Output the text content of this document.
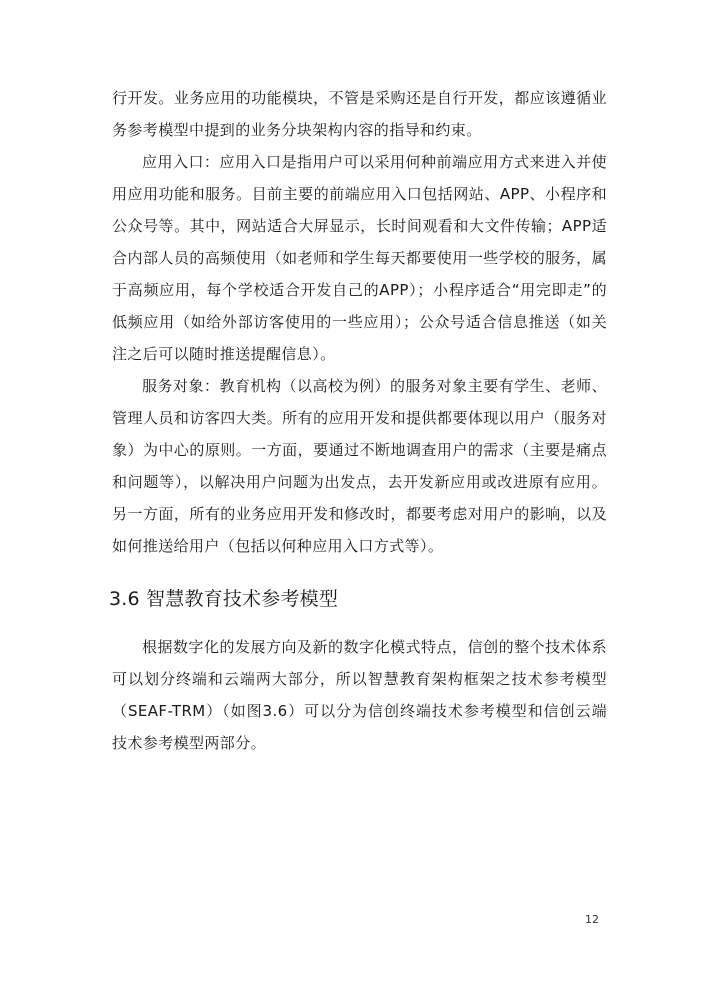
行开发。业务应用的功能模块，不管是采购还是自行开发，都应该遵循业务参考模型中提到的业务分块架构内容的指导和约束。

应用入口：应用入口是指用户可以采用何种前端应用方式来进入并使用应用功能和服务。目前主要的前端应用入口包括网站、APP、小程序和公众号等。其中，网站适合大屏显示，长时间观看和大文件传输；APP适合内部人员的高频使用（如老师和学生每天都要使用一些学校的服务，属于高频应用，每个学校适合开发自己的APP）；小程序适合“用完即走”的低频应用（如给外部访客使用的一些应用）；公众号适合信息推送（如关注之后可以随时推送提醒信息）。

服务对象：教育机构（以高校为例）的服务对象主要有学生、老师、管理人员和访客四大类。所有的应用开发和提供都要体现以用户（服务对象）为中心的原则。一方面，要通过不断地调查用户的需求（主要是痛点和问题等），以解决用户问题为出发点，去开发新应用或改进原有应用。另一方面，所有的业务应用开发和修改时，都要考虑对用户的影响，以及如何推送给用户（包括以何种应用入口方式等）。

3.6 智慧教育技术参考模型

根据数字化的发展方向及新的数字化模式特点，信创的整个技术体系可以划分终端和云端两大部分，所以智慧教育架构框架之技术参考模型（SEAF-TRM）（如图3.6）可以分为信创终端技术参考模型和信创云端技术参考模型两部分。

12
